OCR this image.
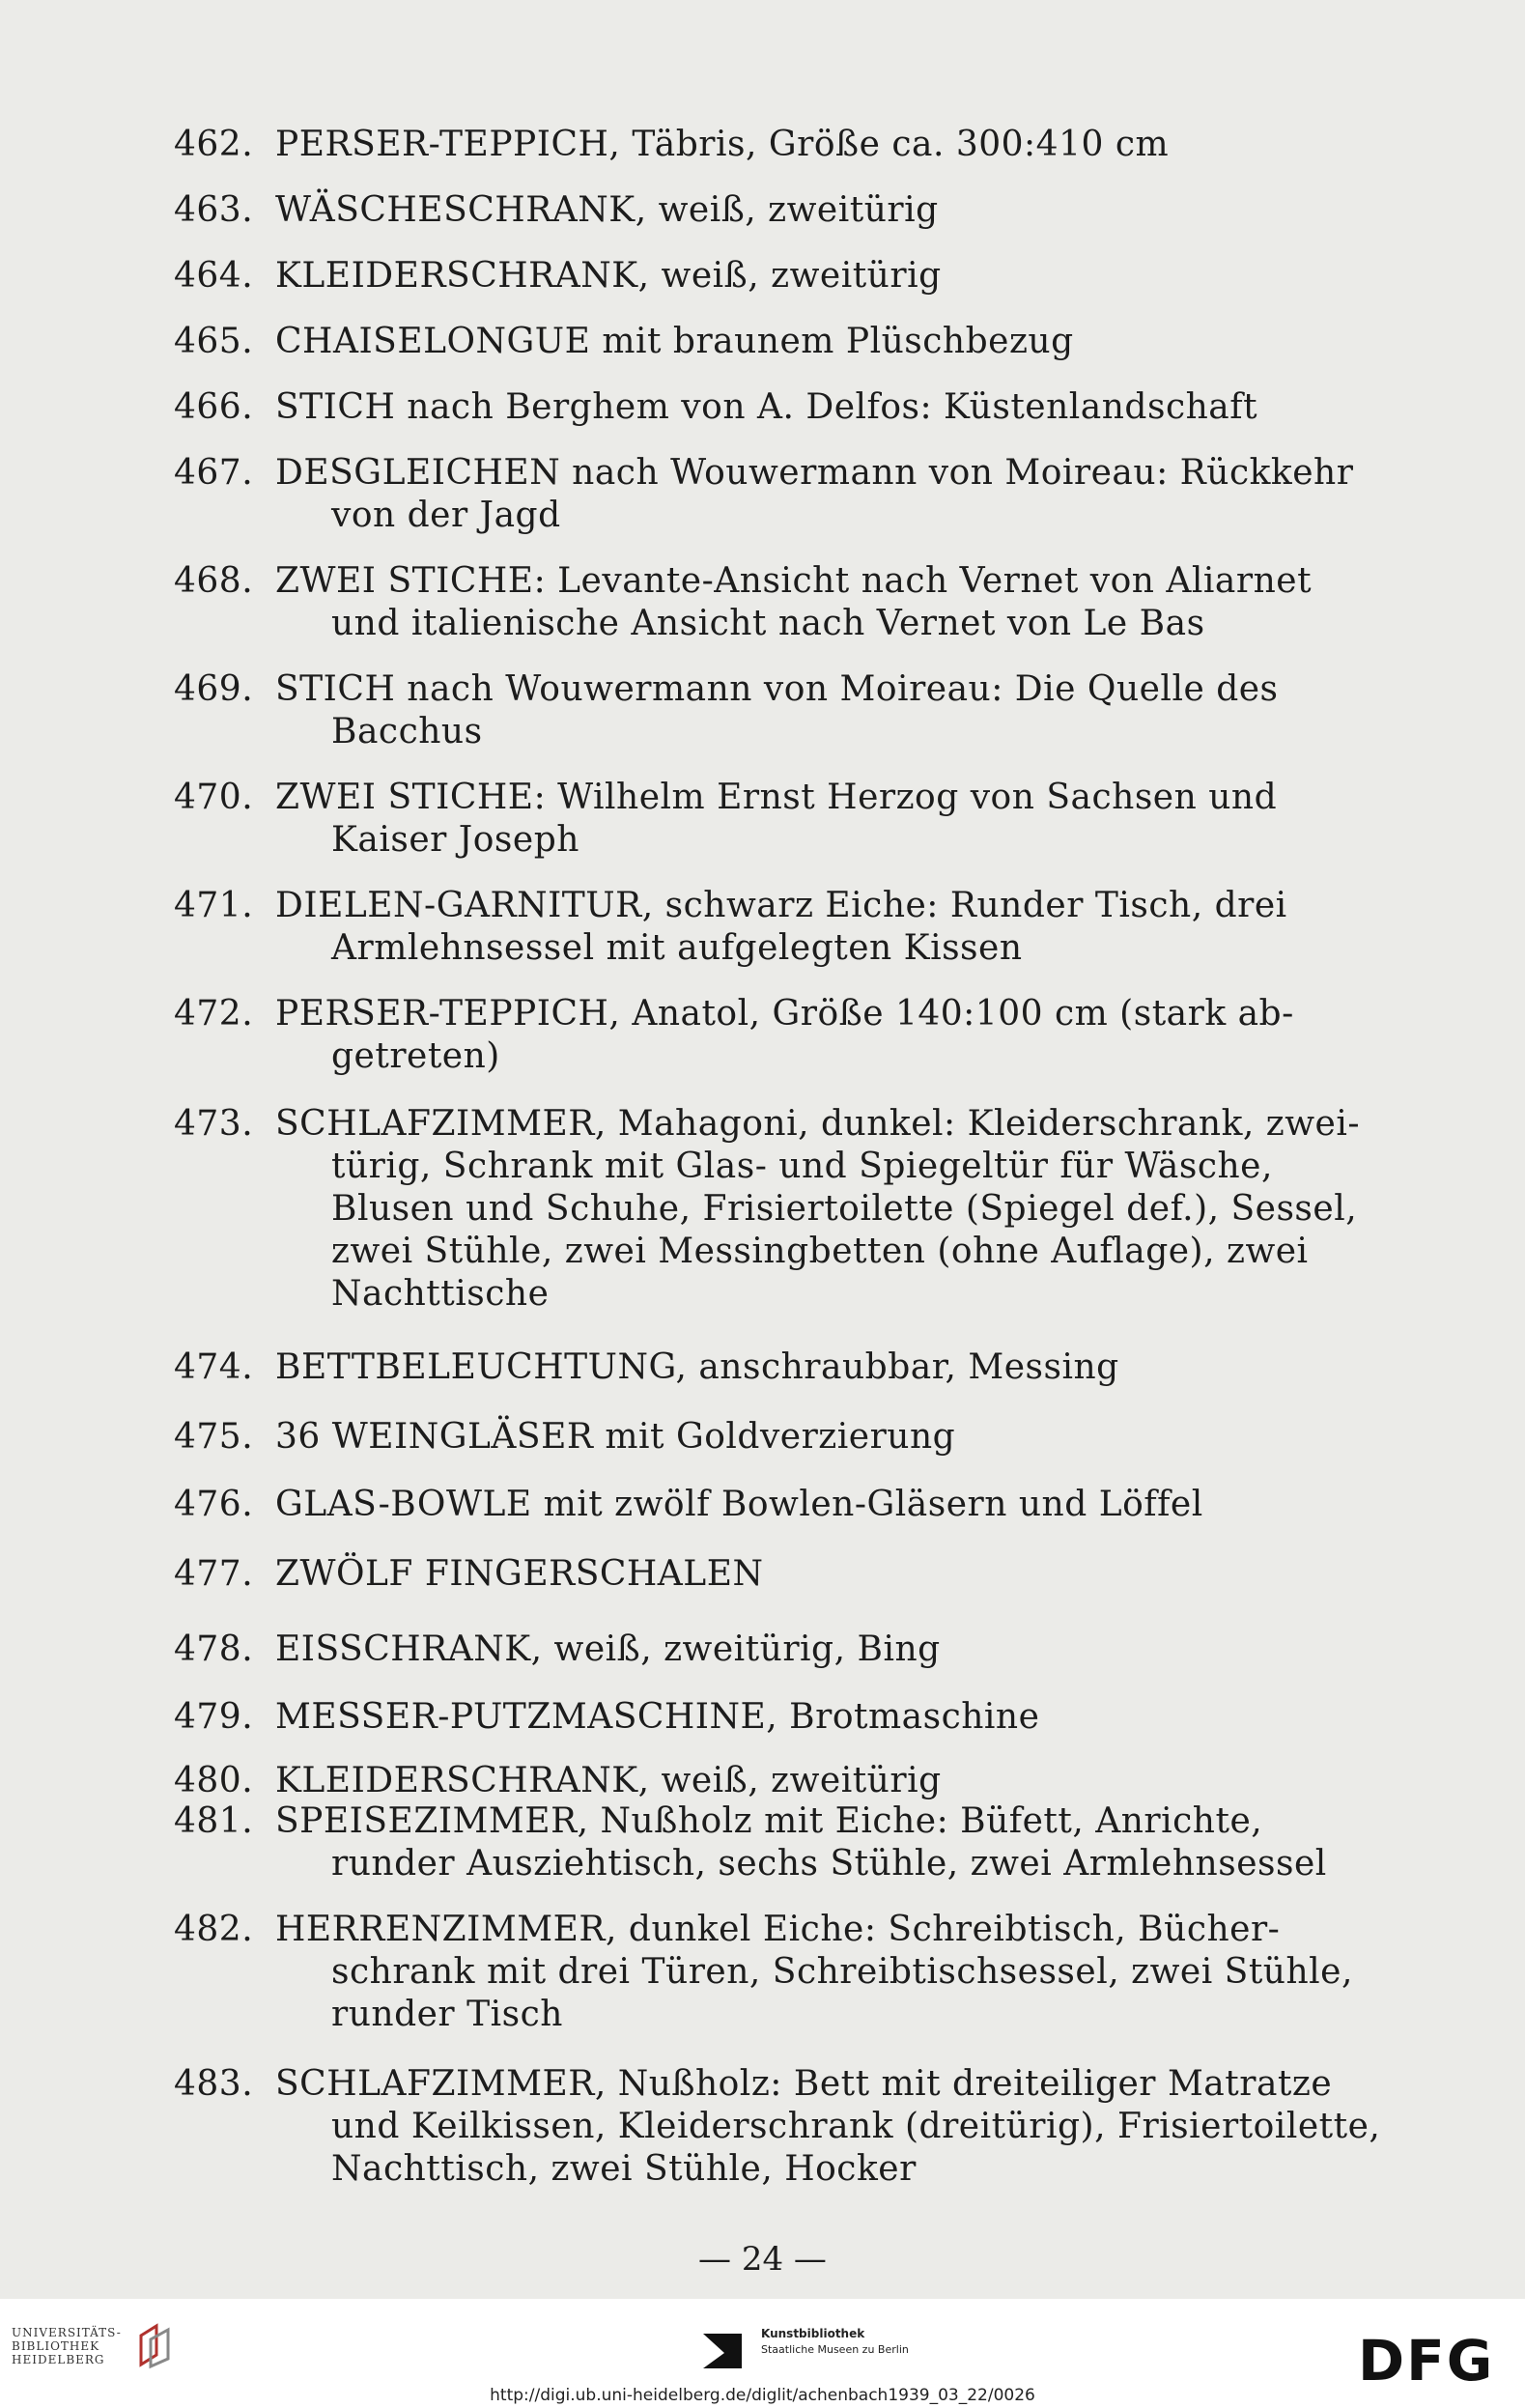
462. PERSER-TEPPICH, Täbris, Größe ca. 300:410 cm
463. WÄSCHESCHRANK, weiß, zweitürig
464. KLEIDERSCHRANK, weiß, zweitürig
465. CHAISELONGUE mit braunem Plüschbezug
466. STICH nach Berghem von A. Delfos: Küstenlandschaft
467. DESGLEICHEN nach Wouwermann von Moireau: Rückkehr
von der Jagd
468. ZWEI STICHE: Levante-Ansicht nach Vernet von Aliarnet
und italienische Ansicht nach Vernet von Le Bas
469. STICH nach Wouwermann von Moireau: Die Quelle des
Bacchus
470. ZWEI STICHE: Wilhelm Ernst Herzog von Sachsen und
Kaiser Joseph
471. DIELEN-GARNITUR, schwarz Eiche: Runder Tisch, drei
Armlehnsessel mit aufgelegten Kissen
472. PERSER-TEPPICH, Anatol, Größe 140:100 cm (stark ab-
getreten)
473. SCHLAFZIMMER, Mahagoni, dunkel: Kleiderschrank, zwei-
türig, Schrank mit Glas- und Spiegeltür für Wäsche,
Blusen und Schuhe, Frisiertoilette (Spiegel def.), Sessel,
zwei Stühle, zwei Messingbetten (ohne Auflage), zwei
Nachttische
474. BETTBELEUCHTUNG, anschraubbar, Messing
475. 36 WEINGLÄSER mit Goldverzierung
476. GLAS-BOWLE mit zwölf Bowlen-Gläsern und Löffel
477. ZWÖLF FINGERSCHALEN
478. EISSCHRANK, weiß, zweitürig, Bing
479. MESSER-PUTZMASCHINE, Brotmaschine
480. KLEIDERSCHRANK, weiß, zweitürig
481. SPEISEZIMMER, Nußholz mit Eiche: Büfett, Anrichte,
runder Ausziehtisch, sechs Stühle, zwei Armlehnsessel
482. HERRENZIMMER, dunkel Eiche: Schreibtisch, Bücher-
schrank mit drei Türen, Schreibtischsessel, zwei Stühle,
runder Tisch
483. SCHLAFZIMMER, Nußholz: Bett mit dreiteiliger Matratze
und Keilkissen, Kleiderschrank (dreitürig), Frisiertoilette,
Nachttisch, zwei Stühle, Hocker
— 24 —
UNIVERSITÄTS-
BIBLIOTHEK
HEIDELBERG
Kunstbibliothek
Staatliche Museen zu Berlin	DFG
http://digi.ub.uni-heidelberg.de/diglit/achenbach1939_03_22/0026
